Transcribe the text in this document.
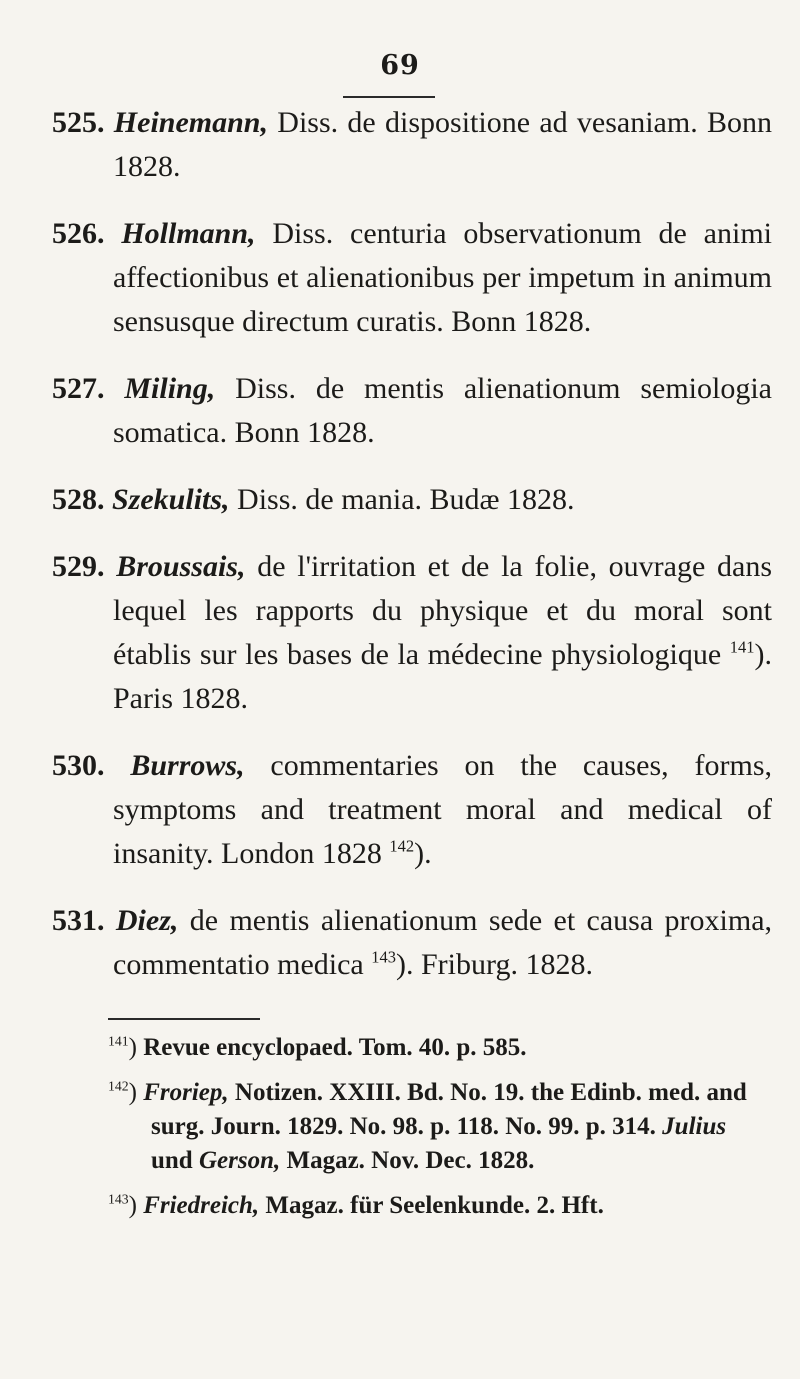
69
525. Heinemann, Diss. de dispositione ad vesaniam. Bonn 1828.
526. Hollmann, Diss. centuria observationum de animi affectionibus et alienationibus per impetum in animum sensusque directum curatis. Bonn 1828.
527. Miling, Diss. de mentis alienationum semiologia somatica. Bonn 1828.
528. Szekulits, Diss. de mania. Budæ 1828.
529. Broussais, de l'irritation et de la folie, ouvrage dans lequel les rapports du physique et du moral sont établis sur les bases de la médecine physiologique $^{141}$). Paris 1828.
530. Burrows, commentaries on the causes, forms, symptoms and treatment moral and medical of insanity. London 1828 $^{142}$).
531. Diez, de mentis alienationum sede et causa proxima, commentatio medica $^{143}$). Friburg. 1828.
$^{141}$) Revue encyclopaed. Tom. 40. p. 585.
$^{142}$) Froriep, Notizen. XXIII. Bd. No. 19. the Edinb. med. and surg. Journ. 1829. No. 98. p. 118. No. 99. p. 314. Julius und Gerson, Magaz. Nov. Dec. 1828.
$^{143}$) Friedreich, Magaz. für Seelenkunde. 2. Hft.
